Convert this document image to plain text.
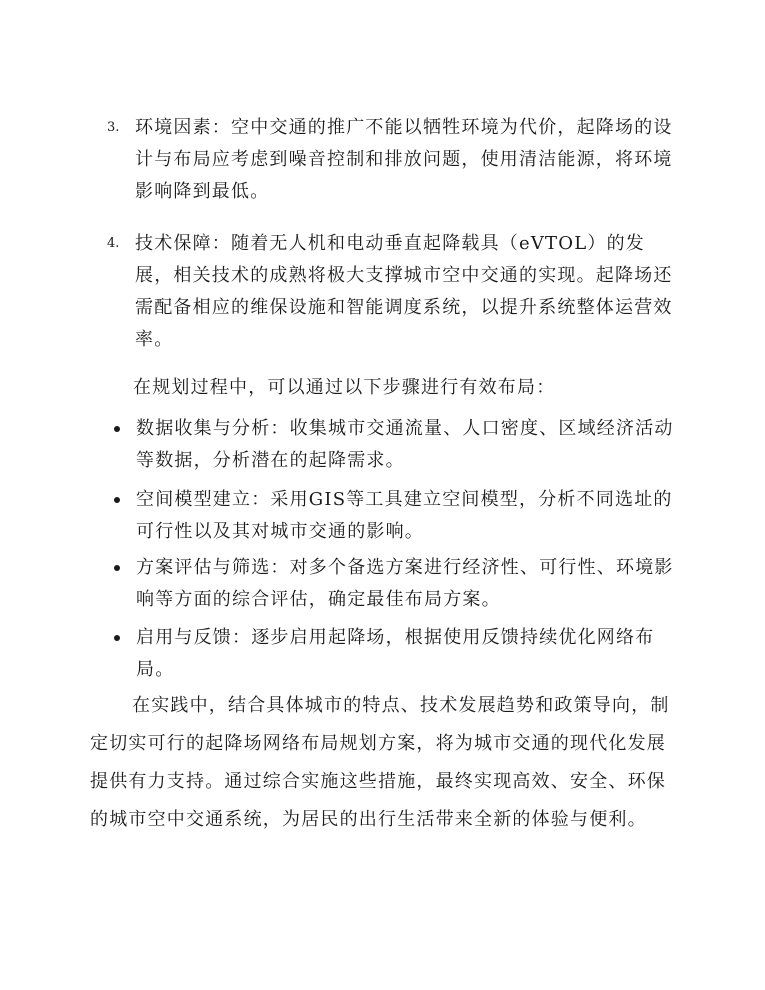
3. 环境因素：空中交通的推广不能以牺牲环境为代价，起降场的设计与布局应考虑到噪音控制和排放问题，使用清洁能源，将环境影响降到最低。
4. 技术保障：随着无人机和电动垂直起降载具（eVTOL）的发展，相关技术的成熟将极大支撑城市空中交通的实现。起降场还需配备相应的维保设施和智能调度系统，以提升系统整体运营效率。
在规划过程中，可以通过以下步骤进行有效布局：
数据收集与分析：收集城市交通流量、人口密度、区域经济活动等数据，分析潜在的起降需求。
空间模型建立：采用GIS等工具建立空间模型，分析不同选址的可行性以及其对城市交通的影响。
方案评估与筛选：对多个备选方案进行经济性、可行性、环境影响等方面的综合评估，确定最佳布局方案。
启用与反馈：逐步启用起降场，根据使用反馈持续优化网络布局。
在实践中，结合具体城市的特点、技术发展趋势和政策导向，制定切实可行的起降场网络布局规划方案，将为城市交通的现代化发展提供有力支持。通过综合实施这些措施，最终实现高效、安全、环保的城市空中交通系统，为居民的出行生活带来全新的体验与便利。
